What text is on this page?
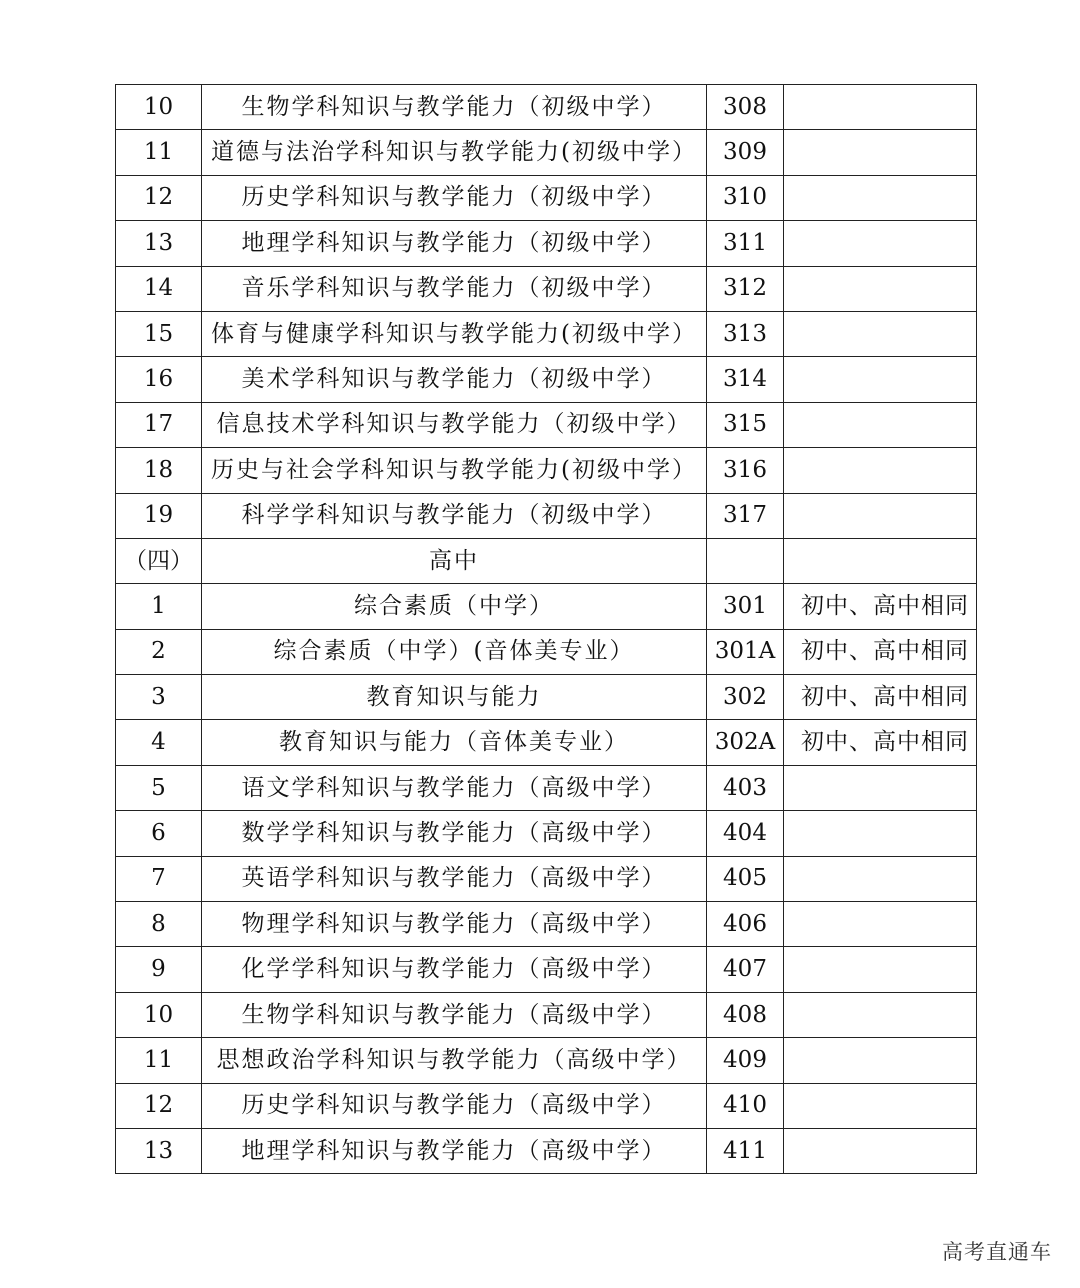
10	生物学科知识与教学能力（初级中学）	308	
11	道德与法治学科知识与教学能力(初级中学）	309	
12	历史学科知识与教学能力（初级中学）	310	
13	地理学科知识与教学能力（初级中学）	311	
14	音乐学科知识与教学能力（初级中学）	312	
15	体育与健康学科知识与教学能力(初级中学）	313	
16	美术学科知识与教学能力（初级中学）	314	
17	信息技术学科知识与教学能力（初级中学）	315	
18	历史与社会学科知识与教学能力(初级中学）	316	
19	科学学科知识与教学能力（初级中学）	317	
（四）	高中		
1	综合素质（中学）	301	初中、高中相同
2	综合素质（中学）(音体美专业）	301A	初中、高中相同
3	教育知识与能力	302	初中、高中相同
4	教育知识与能力（音体美专业）	302A	初中、高中相同
5	语文学科知识与教学能力（高级中学）	403	
6	数学学科知识与教学能力（高级中学）	404	
7	英语学科知识与教学能力（高级中学）	405	
8	物理学科知识与教学能力（高级中学）	406	
9	化学学科知识与教学能力（高级中学）	407	
10	生物学科知识与教学能力（高级中学）	408	
11	思想政治学科知识与教学能力（高级中学）	409	
12	历史学科知识与教学能力（高级中学）	410	
13	地理学科知识与教学能力（高级中学）	411	
高考直通车
